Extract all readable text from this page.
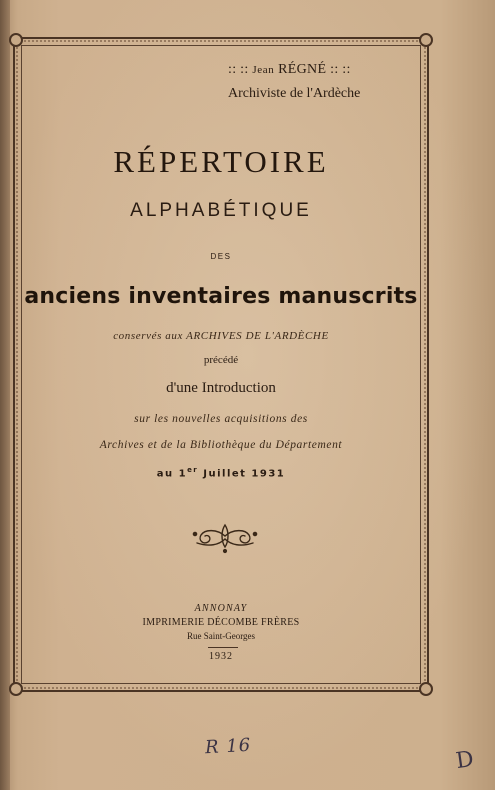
:: :: Jean RÉGNÉ :: ::
Archiviste de l'Ardèche
RÉPERTOIRE
ALPHABÉTIQUE
DES
anciens inventaires manuscrits
conservés aux ARCHIVES DE L'ARDÈCHE
précédé
d'une Introduction
sur les nouvelles acquisitions des
Archives et de la Bibliothèque du Département
au 1er Juillet 1931
ANNONAY
IMPRIMERIE DÉCOMBE FRÈRES
Rue Saint-Georges
1932
R 16
D
